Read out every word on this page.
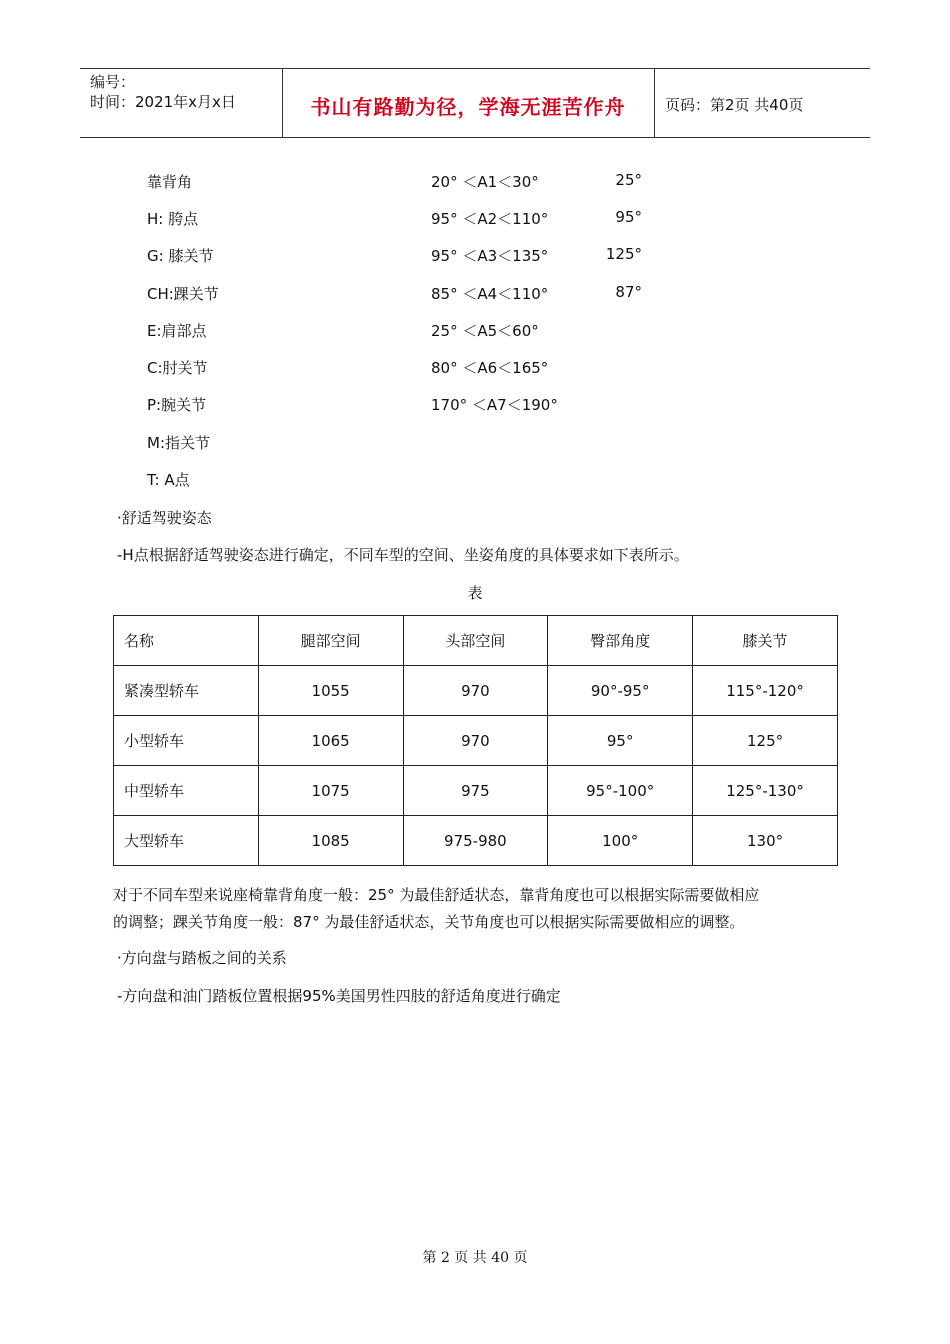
编号：
时间：2021年x月x日	书山有路勤为径，学海无涯苦作舟	页码：第2页 共40页
靠背角	20° ＜A1＜30°	25°
H: 胯点	95° ＜A2＜110°	95°
G: 膝关节	95° ＜A3＜135°	125°
CH:踝关节	85° ＜A4＜110°	87°
E:肩部点	25° ＜A5＜60°
C:肘关节	80° ＜A6＜165°
P:腕关节	170° ＜A7＜190°
M:指关节
T: A点
·舒适驾驶姿态
-H点根据舒适驾驶姿态进行确定，不同车型的空间、坐姿角度的具体要求如下表所示。
表
名称	腿部空间	头部空间	臀部角度	膝关节
紧凑型轿车	1055	970	90°-95°	115°-120°
小型轿车	1065	970	95°	125°
中型轿车	1075	975	95°-100°	125°-130°
大型轿车	1085	975-980	100°	130°
对于不同车型来说座椅靠背角度一般：25° 为最佳舒适状态，靠背角度也可以根据实际需要做相应
的调整；踝关节角度一般：87° 为最佳舒适状态，关节角度也可以根据实际需要做相应的调整。
·方向盘与踏板之间的关系
-方向盘和油门踏板位置根据95%美国男性四肢的舒适角度进行确定
第 2 页 共 40 页
